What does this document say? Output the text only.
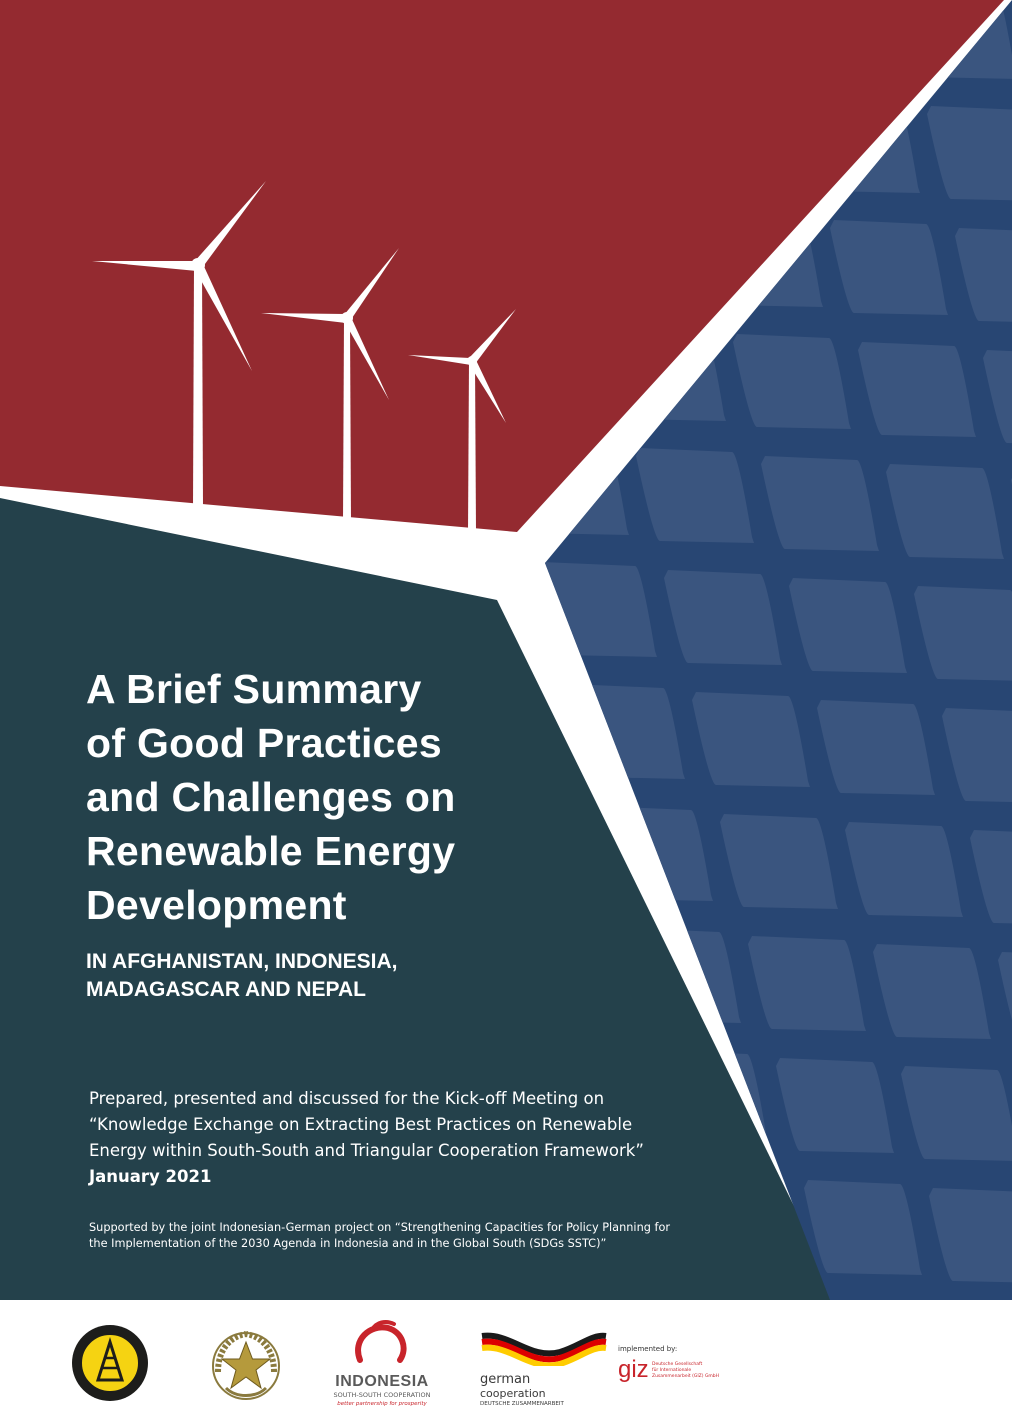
A Brief Summary
of Good Practices
and Challenges on
Renewable Energy
Development
IN AFGHANISTAN, INDONESIA,
MADAGASCAR AND NEPAL
Prepared, presented and discussed for the Kick-off Meeting on
“Knowledge Exchange on Extracting Best Practices on Renewable
Energy within South-South and Triangular Cooperation Framework”
January 2021
Supported by the joint Indonesian-German project on “Strengthening Capacities for Policy Planning for
the Implementation of the 2030 Agenda in Indonesia and in the Global South (SDGs SSTC)”
INDONESIA
SOUTH-SOUTH COOPERATION
better partnership for prosperity
german
cooperation
DEUTSCHE ZUSAMMENARBEIT
implemented by:
giz Deutsche Gesellschaft
für Internationale
Zusammenarbeit (GIZ) GmbH
